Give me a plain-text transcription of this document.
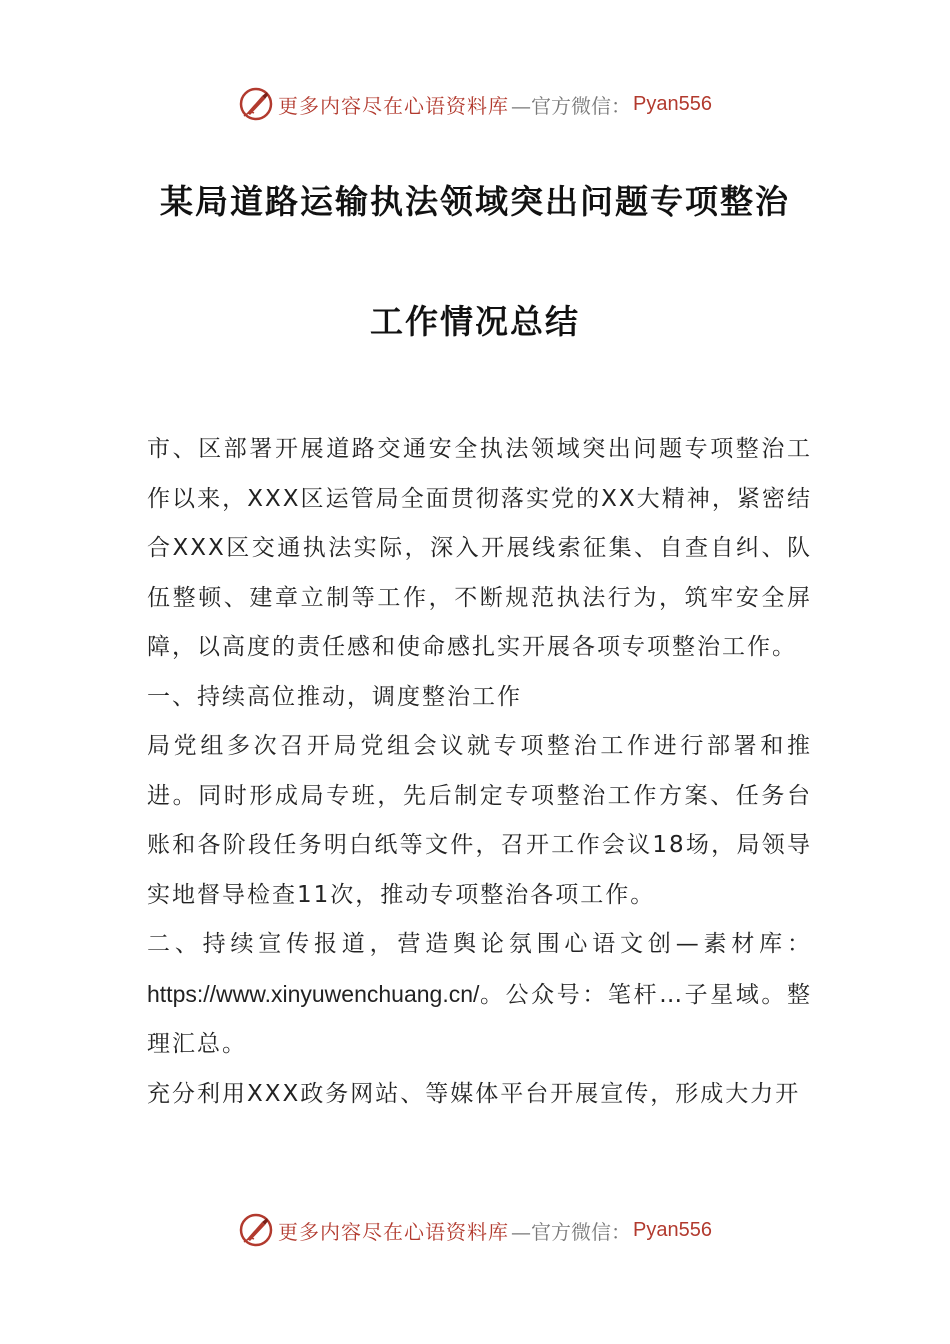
更多内容尽在心语资料库 —官方微信： Pyan556
某局道路运输执法领域突出问题专项整治
工作情况总结

市、区部署开展道路交通安全执法领域突出问题专项整治工作以来，XXX区运管局全面贯彻落实党的XX大精神，紧密结合XXX区交通执法实际，深入开展线索征集、自查自纠、队伍整顿、建章立制等工作，不断规范执法行为，筑牢安全屏障，以高度的责任感和使命感扎实开展各项专项整治工作。

一、持续高位推动，调度整治工作

局党组多次召开局党组会议就专项整治工作进行部署和推进。同时形成局专班，先后制定专项整治工作方案、任务台账和各阶段任务明白纸等文件，召开工作会议18场，局领导实地督导检查11次，推动专项整治各项工作。

二、持续宣传报道，营造舆论氛围心语文创—素材库：https://www.xinyuwenchuang.cn/。公众号：笔杆…子星域。整理汇总。

充分利用XXX政务网站、等媒体平台开展宣传，形成大力开

更多内容尽在心语资料库 —官方微信： Pyan556
